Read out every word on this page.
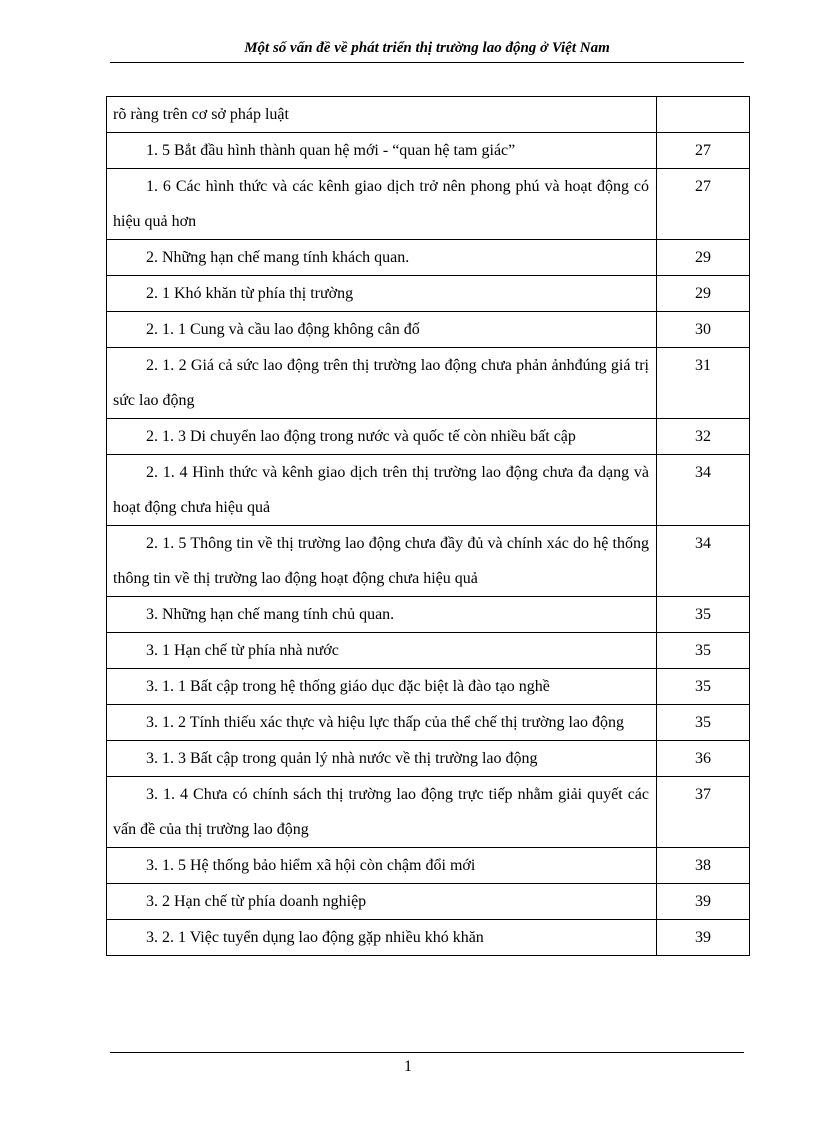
Một số vấn đề về phát triển thị trường lao động ở Việt Nam
rõ ràng trên cơ sở pháp luật	
1. 5 Bắt đầu hình thành quan hệ mới - “quan hệ tam giác”	27
1. 6 Các hình thức và các kênh giao dịch trở nên phong phú và hoạt động có hiệu quả hơn	27
2. Những hạn chế mang tính khách quan.	29
2. 1 Khó khăn từ phía thị trường	29
2. 1. 1 Cung và cầu lao động không cân đố	30
2. 1. 2 Giá cả sức lao động trên thị trường lao động chưa phản ảnhđúng giá trị sức lao động	31
2. 1. 3 Di chuyển lao động trong nước và quốc tế còn nhiều bất cập	32
2. 1. 4 Hình thức và kênh giao dịch trên thị trường lao động chưa đa dạng và hoạt động chưa hiệu quả	34
2. 1. 5 Thông tin về thị trường lao động chưa đầy đủ và chính xác do hệ thống thông tin về thị trường lao động hoạt động chưa hiệu quả	34
3. Những hạn chế mang tính chủ quan.	35
3. 1 Hạn chế từ phía nhà nước	35
3. 1. 1 Bất cập trong hệ thống giáo dục đặc biệt là đào tạo nghề	35
3. 1. 2 Tính thiếu xác thực và hiệu lực thấp của thể chế thị trường lao động	35
3. 1. 3 Bất cập trong quản lý nhà nước về thị trường lao động	36
3. 1. 4 Chưa có chính sách thị trường lao động trực tiếp nhằm giải quyết các vấn đề của thị trường lao động	37
3. 1. 5 Hệ thống bảo hiểm xã hội còn chậm đổi mới	38
3. 2 Hạn chế từ phía doanh nghiệp	39
3. 2. 1 Việc tuyển dụng lao động gặp nhiều khó khăn	39
1
